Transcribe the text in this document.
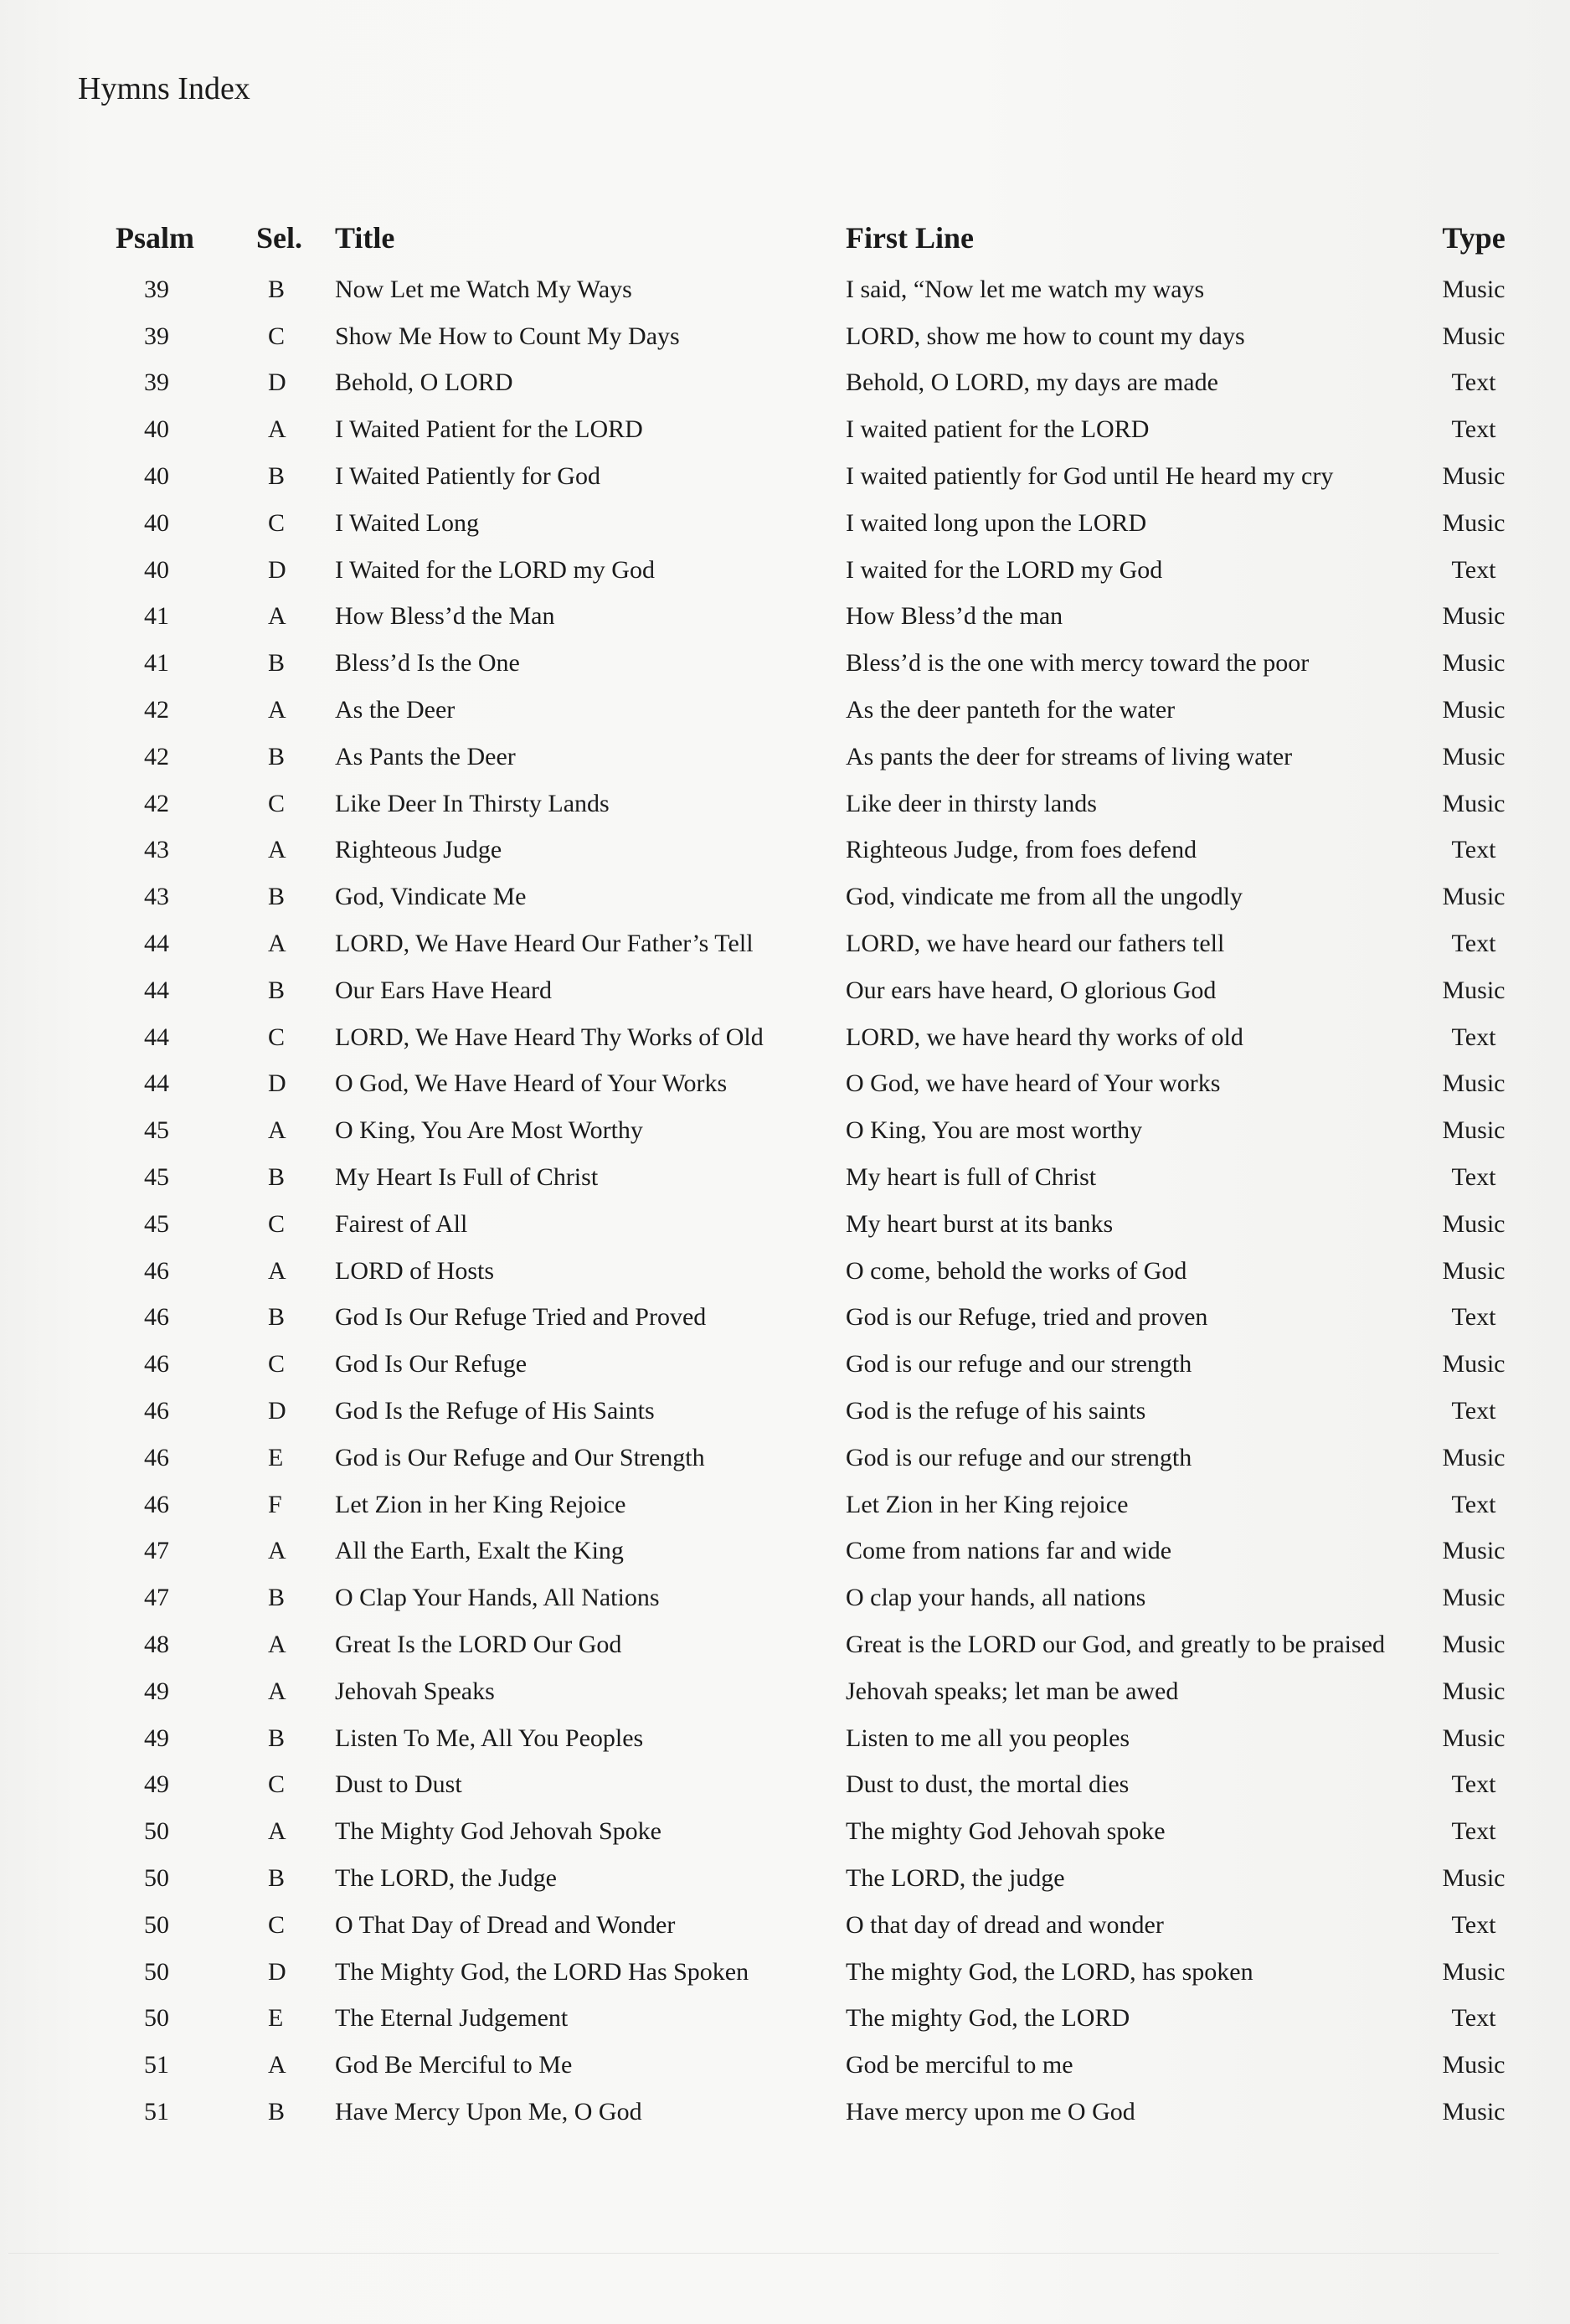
Hymns Index
Psalm	Sel.	Title	First Line	Type
39	B	Now Let me Watch My Ways	I said, “Now let me watch my ways	Music
39	C	Show Me How to Count My Days	LORD, show me how to count my days	Music
39	D	Behold, O LORD	Behold, O LORD, my days are made	Text
40	A	I Waited Patient for the LORD	I waited patient for the LORD	Text
40	B	I Waited Patiently for God	I waited patiently for God until He heard my cry	Music
40	C	I Waited Long	I waited long upon the LORD	Music
40	D	I Waited for the LORD my God	I waited for the LORD my God	Text
41	A	How Bless’d the Man	How Bless’d the man	Music
41	B	Bless’d Is the One	Bless’d is the one with mercy toward the poor	Music
42	A	As the Deer	As the deer panteth for the water	Music
42	B	As Pants the Deer	As pants the deer for streams of living water	Music
42	C	Like Deer In Thirsty Lands	Like deer in thirsty lands	Music
43	A	Righteous Judge	Righteous Judge, from foes defend	Text
43	B	God, Vindicate Me	God, vindicate me from all the ungodly	Music
44	A	LORD, We Have Heard Our Father’s Tell	LORD, we have heard our fathers tell	Text
44	B	Our Ears Have Heard	Our ears have heard, O glorious God	Music
44	C	LORD, We Have Heard Thy Works of Old	LORD, we have heard thy works of old	Text
44	D	O God, We Have Heard of Your Works	O God, we have heard of Your works	Music
45	A	O King, You Are Most Worthy	O King, You are most worthy	Music
45	B	My Heart Is Full of Christ	My heart is full of Christ	Text
45	C	Fairest of All	My heart burst at its banks	Music
46	A	LORD of Hosts	O come, behold the works of God	Music
46	B	God Is Our Refuge Tried and Proved	God is our Refuge, tried and proven	Text
46	C	God Is Our Refuge	God is our refuge and our strength	Music
46	D	God Is the Refuge of His Saints	God is the refuge of his saints	Text
46	E	God is Our Refuge and Our Strength	God is our refuge and our strength	Music
46	F	Let Zion in her King Rejoice	Let Zion in her King rejoice	Text
47	A	All the Earth, Exalt the King	Come from nations far and wide	Music
47	B	O Clap Your Hands, All Nations	O clap your hands, all nations	Music
48	A	Great Is the LORD Our God	Great is the LORD our God, and greatly to be praised	Music
49	A	Jehovah Speaks	Jehovah speaks; let man be awed	Music
49	B	Listen To Me, All You Peoples	Listen to me all you peoples	Music
49	C	Dust to Dust	Dust to dust, the mortal dies	Text
50	A	The Mighty God Jehovah Spoke	The mighty God Jehovah spoke	Text
50	B	The LORD, the Judge	The LORD, the judge	Music
50	C	O That Day of Dread and Wonder	O that day of dread and wonder	Text
50	D	The Mighty God, the LORD Has Spoken	The mighty God, the LORD, has spoken	Music
50	E	The Eternal Judgement	The mighty God, the LORD	Text
51	A	God Be Merciful to Me	God be merciful to me	Music
51	B	Have Mercy Upon Me, O God	Have mercy upon me O God	Music
